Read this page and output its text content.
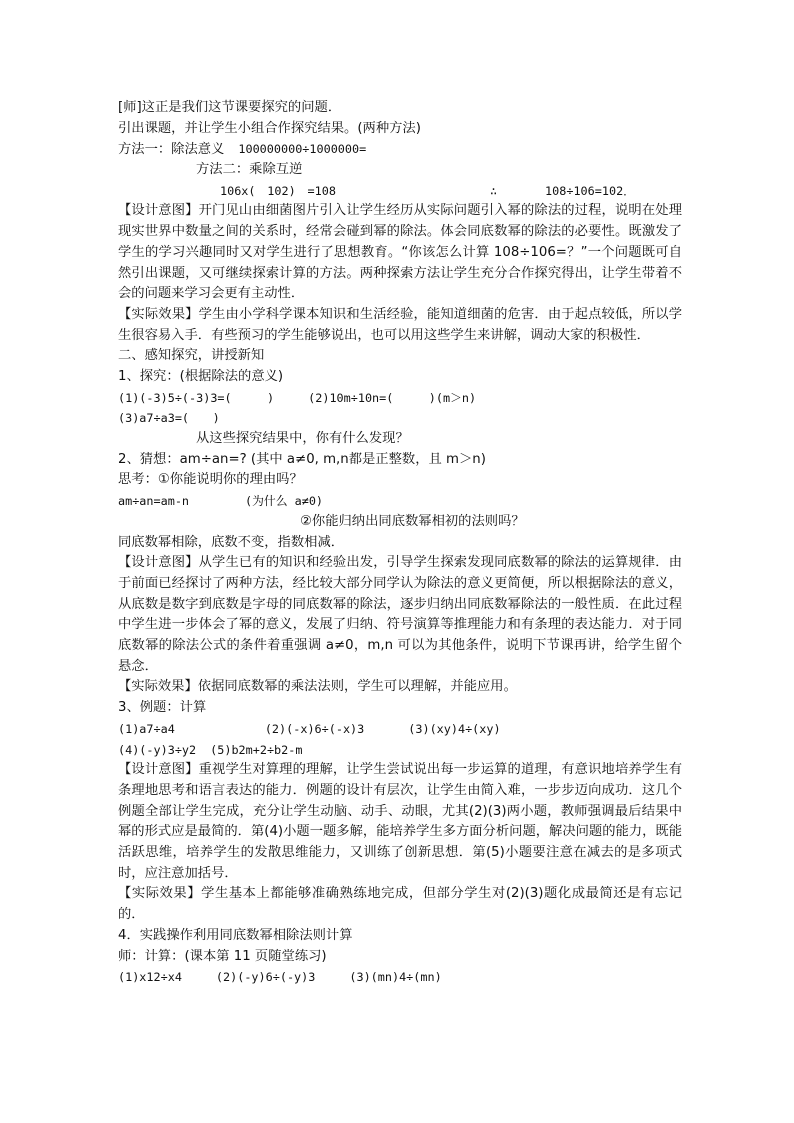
[师]这正是我们这节课要探究的问题．
引出课题，并让学生小组合作探究结果。(两种方法)
方法一：除法意义 100000000÷1000000=
方法二：乘除互逆
106x(　102)　=108	∴	108÷106=102．
【设计意图】开门见山由细菌图片引入让学生经历从实际问题引入幂的除法的过程，说明在处理现实世界中数量之间的关系时，经常会碰到幂的除法。体会同底数幂的除法的必要性。既激发了学生的学习兴趣同时又对学生进行了思想教育。“你该怎么计算 108÷106=？”一个问题既可自然引出课题，又可继续探索计算的方法。两种探索方法让学生充分合作探究得出，让学生带着不会的问题来学习会更有主动性．
【实际效果】学生由小学科学课本知识和生活经验，能知道细菌的危害．由于起点较低，所以学生很容易入手．有些预习的学生能够说出，也可以用这些学生来讲解，调动大家的积极性．
二、感知探究，讲授新知
1、探究：(根据除法的意义)
(1)(-3)5÷(-3)3=(　　　)	(2)10m÷10n=(　　　)(m＞n)
(3)a7÷a3=(　　)
从这些探究结果中，你有什么发现？
2、猜想：am÷an=? (其中 a≠0, m,n都是正整数，且 m＞n)
思考：①你能说明你的理由吗？
am÷an=am-n	(为什么 a≠0)
②你能归纳出同底数幂相初的法则吗？
同底数幂相除，底数不变，指数相减．
【设计意图】从学生已有的知识和经验出发，引导学生探索发现同底数幂的除法的运算规律．由于前面已经探讨了两种方法，经比较大部分同学认为除法的意义更简便，所以根据除法的意义，从底数是数字到底数是字母的同底数幂的除法，逐步归纳出同底数幂除法的一般性质．在此过程中学生进一步体会了幂的意义，发展了归纳、符号演算等推理能力和有条理的表达能力．对于同底数幂的除法公式的条件着重强调 a≠0，m,n 可以为其他条件，说明下节课再讲，给学生留个悬念．
【实际效果】依据同底数幂的乘法法则，学生可以理解，并能应用。
3、例题：计算
(1)a7÷a4	(2)(-x)6÷(-x)3	(3)(xy)4÷(xy)
(4)(-y)3÷y2 (5)b2m+2÷b2-m
【设计意图】重视学生对算理的理解，让学生尝试说出每一步运算的道理，有意识地培养学生有条理地思考和语言表达的能力．例题的设计有层次，让学生由简入难，一步步迈向成功．这几个例题全部让学生完成，充分让学生动脑、动手、动眼，尤其(2)(3)两小题，教师强调最后结果中幂的形式应是最简的．第(4)小题一题多解，能培养学生多方面分析问题，解决问题的能力，既能活跃思维，培养学生的发散思维能力，又训练了创新思想．第(5)小题要注意在减去的是多项式时，应注意加括号．
【实际效果】学生基本上都能够准确熟练地完成，但部分学生对(2)(3)题化成最简还是有忘记的．
4．实践操作利用同底数幂相除法则计算
师：计算：(课本第 11 页随堂练习)
(1)x12÷x4	(2)(-y)6÷(-y)3	(3)(mn)4÷(mn)
